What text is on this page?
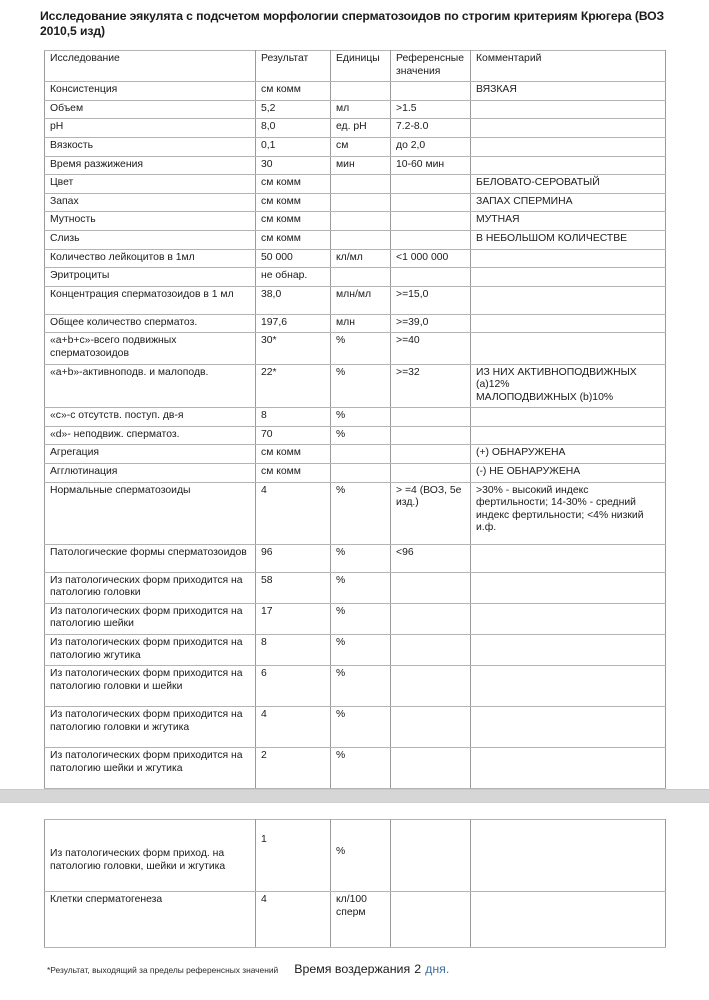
Исследование эякулята с подсчетом морфологии сперматозоидов по строгим критериям Крюгера (ВОЗ 2010,5 изд)
Исследование	Результат	Единицы	Референсные значения	Комментарий
Консистенция	см комм			ВЯЗКАЯ
Объем	5,2	мл	>1.5	
pH	8,0	ед. pH	7.2-8.0	
Вязкость	0,1	см	до 2,0	
Время разжижения	30	мин	10-60 мин	
Цвет	см комм			БЕЛОВАТО-СЕРОВАТЫЙ
Запах	см комм			ЗАПАХ СПЕРМИНА
Мутность	см комм			МУТНАЯ
Слизь	см комм			В НЕБОЛЬШОМ КОЛИЧЕСТВЕ
Количество лейкоцитов в 1мл	50 000	кл/мл	<1 000 000	
Эритроциты	не обнар.			
Концентрация сперматозоидов в 1 мл	38,0	млн/мл	>=15,0	
Общее количество сперматоз.	197,6	млн	>=39,0	
«a+b+c»-всего подвижных сперматозоидов	30*	%	>=40	
«a+b»-активноподв. и малоподв.	22*	%	>=32	ИЗ НИХ АКТИВНОПОДВИЖНЫХ (a)12%
МАЛОПОДВИЖНЫХ (b)10%
«c»-с отсутств. поступ. дв-я	8	%		
«d»- неподвиж. сперматоз.	70	%		
Агрегация	см комм			(+) ОБНАРУЖЕНА
Агглютинация	см комм			(-) НЕ ОБНАРУЖЕНА
Нормальные сперматозоиды	4	%	> =4 (ВОЗ, 5е изд.)	>30% - высокий индекс фертильности; 14-30% - средний индекс фертильности; <4% низкий и.ф.
Патологические формы сперматозоидов	96	%	<96	
Из патологических форм приходится на патологию головки	58	%		
Из патологических форм приходится на патологию шейки	17	%		
Из патологических форм приходится на патологию жгутика	8	%		
Из патологических форм приходится на патологию головки и шейки	6	%		
Из патологических форм приходится на патологию головки и жгутика	4	%		
Из патологических форм приходится на патологию шейки и жгутика	2	%		
Из патологических форм приход. на патологию головки, шейки и жгутика	1	%		
Клетки сперматогенеза	4	кл/100 сперм		
*Результат, выходящий за пределы референсных значений Время воздержания 2 дня.
